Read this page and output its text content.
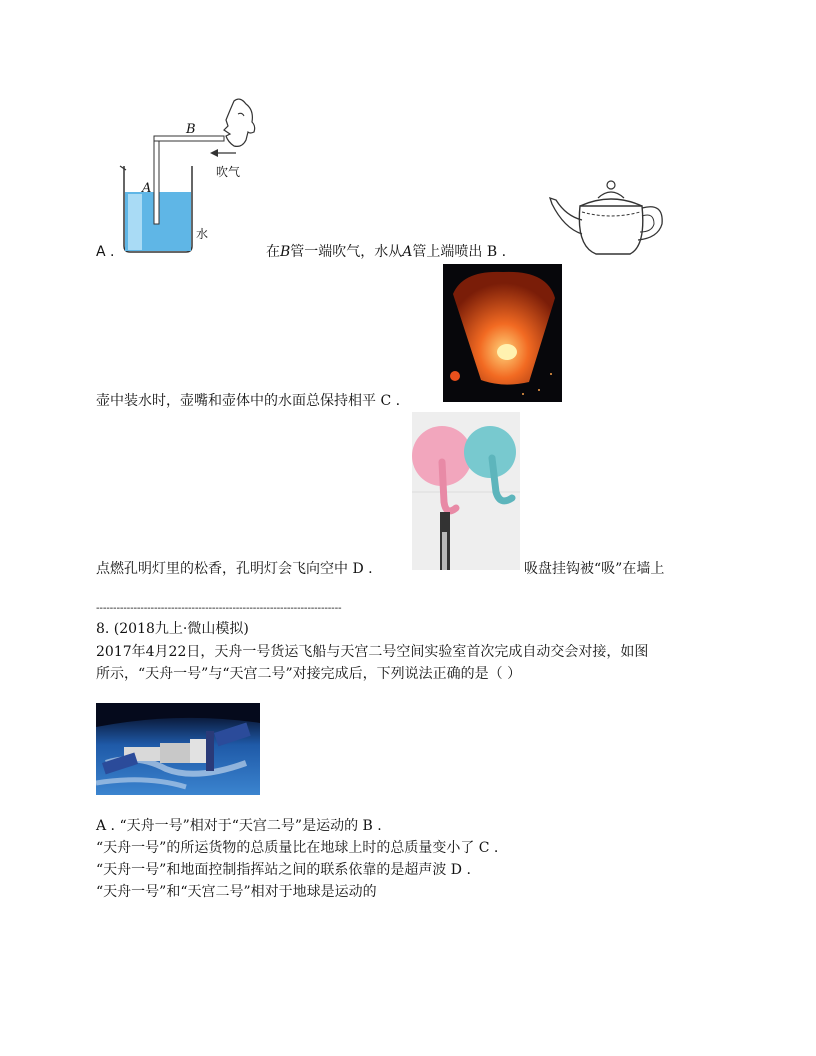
B
A
吹气
水
A .	在B管一端吹气，水从A管上端喷出 B .
壶中装水时，壶嘴和壶体中的水面总保持相平 C .
点燃孔明灯里的松香，孔明灯会飞向空中 D .	吸盘挂钩被“吸”在墙上
------------------------------------------------------------------------
8. (2018九上·微山模拟)
2017年4月22日，天舟一号货运飞船与天宫二号空间实验室首次完成自动交会对接，如图
所示，“天舟一号”与“天宫二号”对接完成后，下列说法正确的是（ ）
A . “天舟一号”相对于“天宫二号”是运动的 B .
“天舟一号”的所运货物的总质量比在地球上时的总质量变小了 C .
“天舟一号”和地面控制指挥站之间的联系依靠的是超声波 D .
“天舟一号”和“天宫二号”相对于地球是运动的
